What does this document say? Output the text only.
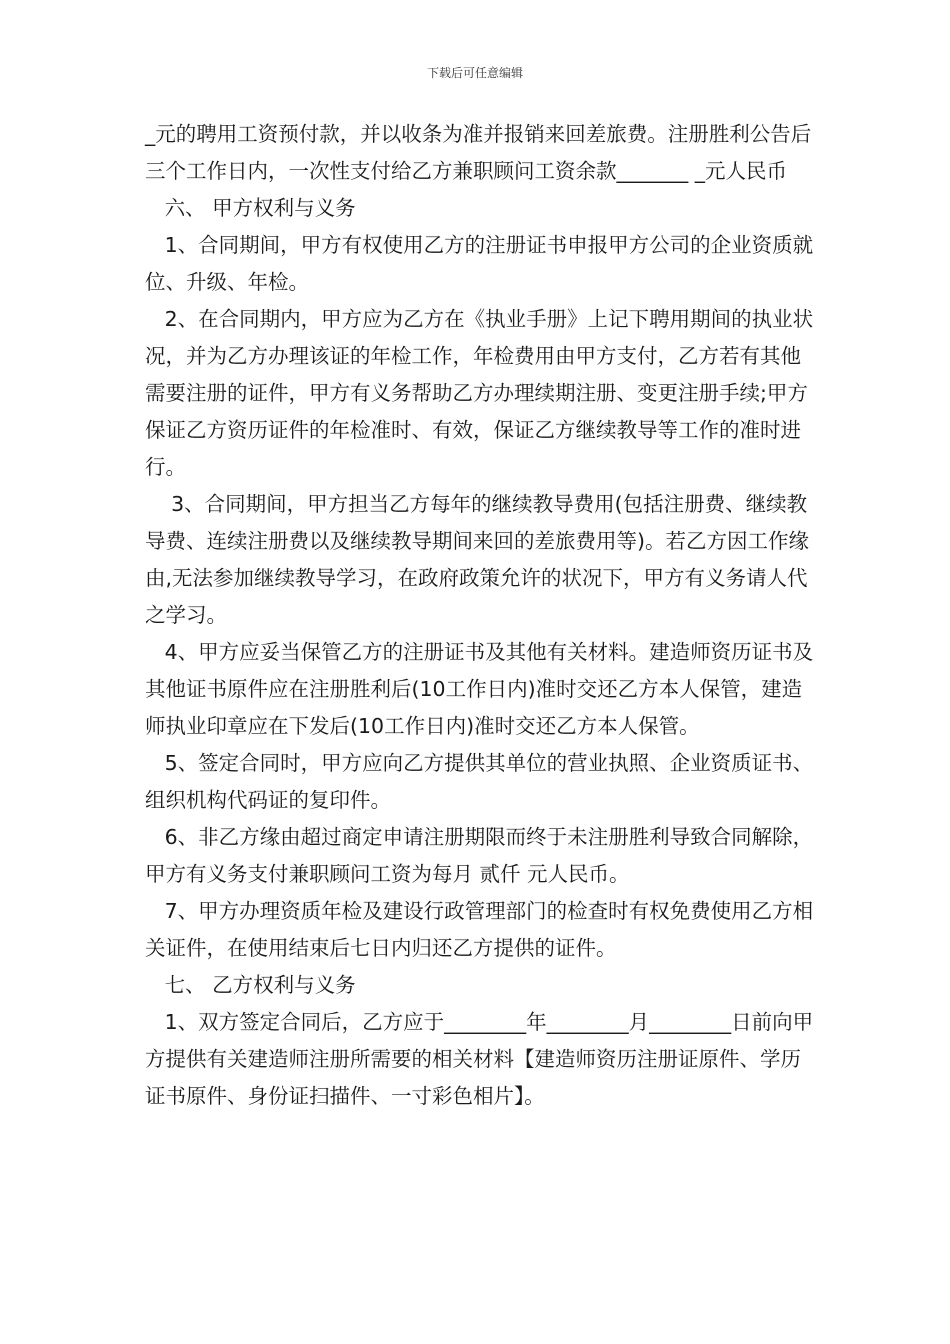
下载后可任意编辑

_元的聘用工资预付款，并以收条为准并报销来回差旅费。注册胜利公告后三个工作日内，一次性支付给乙方兼职顾问工资余款_______ _元人民币

六、 甲方权利与义务

1、合同期间，甲方有权使用乙方的注册证书申报甲方公司的企业资质就位、升级、年检。

2、在合同期内，甲方应为乙方在《执业手册》上记下聘用期间的执业状况，并为乙方办理该证的年检工作，年检费用由甲方支付，乙方若有其他需要注册的证件，甲方有义务帮助乙方办理续期注册、变更注册手续;甲方保证乙方资历证件的年检准时、有效，保证乙方继续教导等工作的准时进行。

3、合同期间，甲方担当乙方每年的继续教导费用(包括注册费、继续教导费、连续注册费以及继续教导期间来回的差旅费用等)。若乙方因工作缘由,无法参加继续教导学习，在政府政策允许的状况下，甲方有义务请人代之学习。

4、甲方应妥当保管乙方的注册证书及其他有关材料。建造师资历证书及其他证书原件应在注册胜利后(10工作日内)准时交还乙方本人保管，建造师执业印章应在下发后(10工作日内)准时交还乙方本人保管。

5、签定合同时，甲方应向乙方提供其单位的营业执照、企业资质证书、组织机构代码证的复印件。

6、非乙方缘由超过商定申请注册期限而终于未注册胜利导致合同解除，甲方有义务支付兼职顾问工资为每月 贰仟 元人民币。

7、甲方办理资质年检及建设行政管理部门的检查时有权免费使用乙方相关证件，在使用结束后七日内归还乙方提供的证件。

七、 乙方权利与义务

1、双方签定合同后，乙方应于________年________月________日前向甲方提供有关建造师注册所需要的相关材料【建造师资历注册证原件、学历证书原件、身份证扫描件、一寸彩色相片】。
